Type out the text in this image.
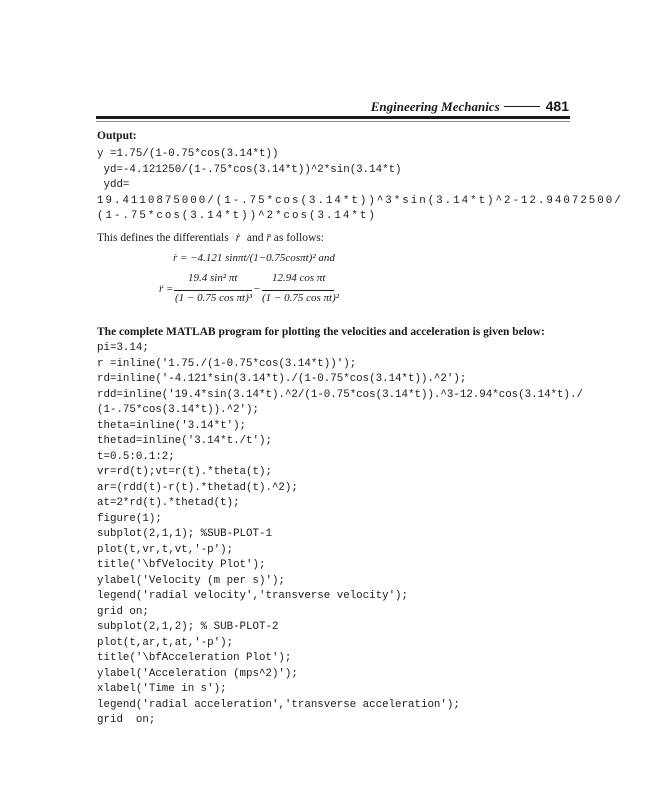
Engineering Mechanics	481
Output:
y =1.75/(1-0.75*cos(3.14*t))
yd=-4.121250/(1-.75*cos(3.14*t))^2*sin(3.14*t)
ydd=
19.4110875000/(1-.75*cos(3.14*t))^3*sin(3.14*t)^2-12.94072500/
(1-.75*cos(3.14*t))^2*cos(3.14*t)
This defines the differentials ṙ and r̈ as follows:
ṙ = −4.121 sinπt/(1−0.75cosπt)² and
r̈ =
19.4 sin² πt
(1 − 0.75 cos πt)³
−
12.94 cos πt
(1 − 0.75 cos πt)²
The complete MATLAB program for plotting the velocities and acceleration is given below:
pi=3.14;
r =inline('1.75./(1-0.75*cos(3.14*t))');
rd=inline('-4.121*sin(3.14*t)./(1-0.75*cos(3.14*t)).^2');
rdd=inline('19.4*sin(3.14*t).^2/(1-0.75*cos(3.14*t)).^3-12.94*cos(3.14*t)./
(1-.75*cos(3.14*t)).^2');
theta=inline('3.14*t');
thetad=inline('3.14*t./t');
t=0.5:0.1:2;
vr=rd(t);vt=r(t).*theta(t);
ar=(rdd(t)-r(t).*thetad(t).^2);
at=2*rd(t).*thetad(t);
figure(1);
subplot(2,1,1); %SUB-PLOT-1
plot(t,vr,t,vt,'-p');
title('\bfVelocity Plot');
ylabel('Velocity (m per s)');
legend('radial velocity','transverse velocity');
grid on;
subplot(2,1,2); % SUB-PLOT-2
plot(t,ar,t,at,'-p');
title('\bfAcceleration Plot');
ylabel('Acceleration (mps^2)');
xlabel('Time in s');
legend('radial acceleration','transverse acceleration');
grid  on;
